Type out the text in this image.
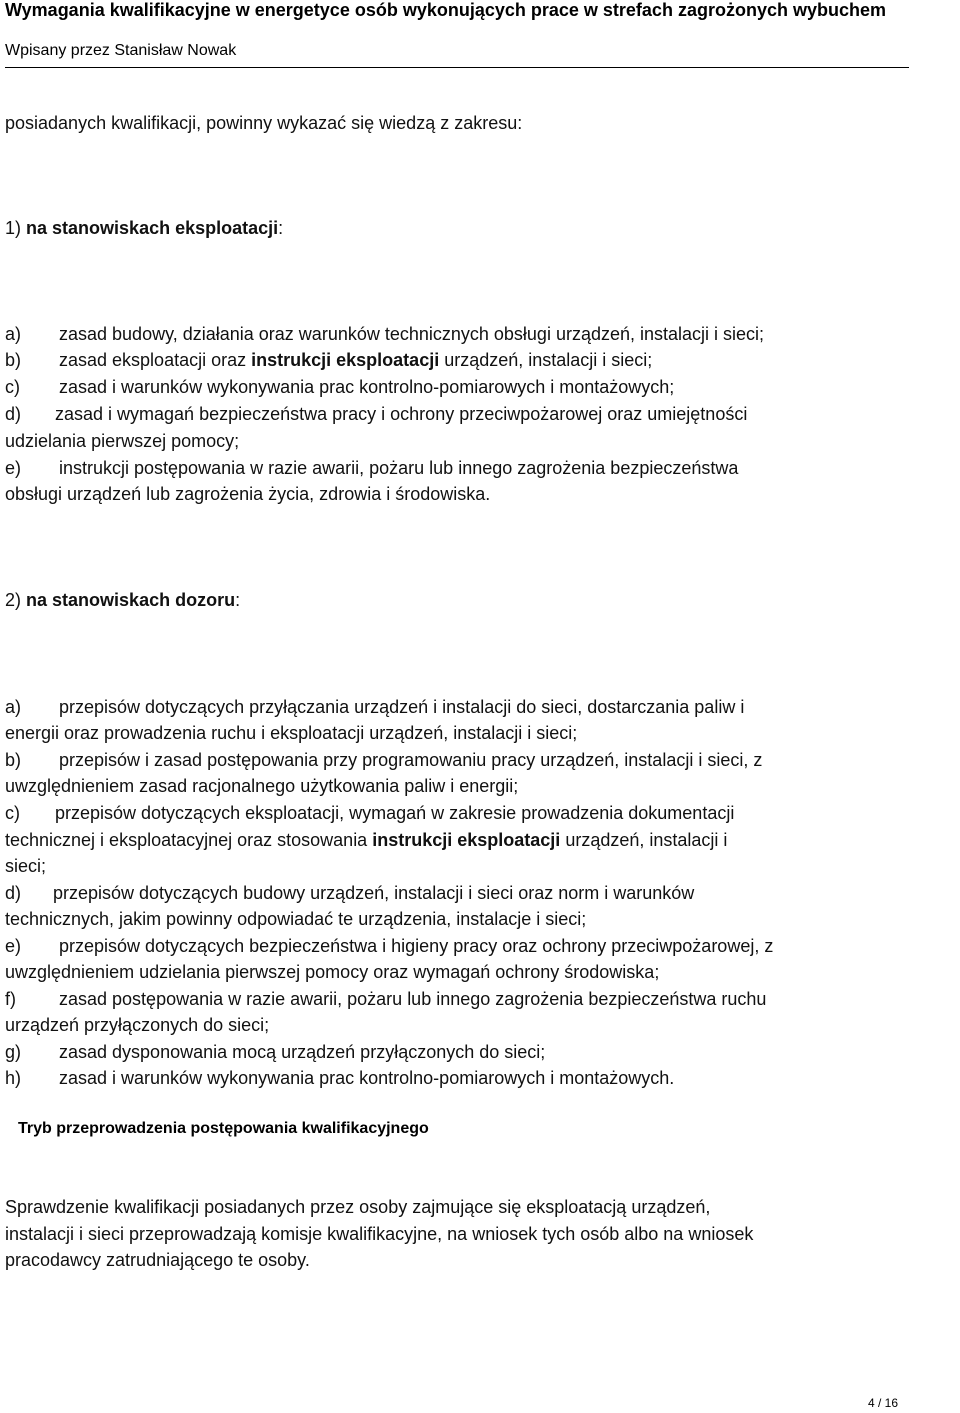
Wymagania kwalifikacyjne w energetyce osób wykonujących prace w strefach zagrożonych wybuchem
Wpisany przez Stanisław Nowak
posiadanych kwalifikacji, powinny wykazać się wiedzą z zakresu:
1) na stanowiskach eksploatacji:
a) zasad budowy, działania oraz warunków technicznych obsługi urządzeń, instalacji i sieci;
b) zasad eksploatacji oraz instrukcji eksploatacji urządzeń, instalacji i sieci;
c) zasad i warunków wykonywania prac kontrolno-pomiarowych i montażowych;
d) zasad i wymagań bezpieczeństwa pracy i ochrony przeciwpożarowej oraz umiejętności
udzielania pierwszej pomocy;
e) instrukcji postępowania w razie awarii, pożaru lub innego zagrożenia bezpieczeństwa
obsługi urządzeń lub zagrożenia życia, zdrowia i środowiska.
2) na stanowiskach dozoru:
a) przepisów dotyczących przyłączania urządzeń i instalacji do sieci, dostarczania paliw i
energii oraz prowadzenia ruchu i eksploatacji urządzeń, instalacji i sieci;
b) przepisów i zasad postępowania przy programowaniu pracy urządzeń, instalacji i sieci, z
uwzględnieniem zasad racjonalnego użytkowania paliw i energii;
c) przepisów dotyczących eksploatacji, wymagań w zakresie prowadzenia dokumentacji
technicznej i eksploatacyjnej oraz stosowania instrukcji eksploatacji urządzeń, instalacji i
sieci;
d) przepisów dotyczących budowy urządzeń, instalacji i sieci oraz norm i warunków
technicznych, jakim powinny odpowiadać te urządzenia, instalacje i sieci;
e) przepisów dotyczących bezpieczeństwa i higieny pracy oraz ochrony przeciwpożarowej, z
uwzględnieniem udzielania pierwszej pomocy oraz wymagań ochrony środowiska;
f) zasad postępowania w razie awarii, pożaru lub innego zagrożenia bezpieczeństwa ruchu
urządzeń przyłączonych do sieci;
g) zasad dysponowania mocą urządzeń przyłączonych do sieci;
h) zasad i warunków wykonywania prac kontrolno-pomiarowych i montażowych.
Sprawdzenie kwalifikacji posiadanych przez osoby zajmujące się eksploatacją urządzeń,
instalacji i sieci przeprowadzają komisje kwalifikacyjne, na wniosek tych osób albo na wniosek
pracodawcy zatrudniającego te osoby.
Tryb przeprowadzenia postępowania kwalifikacyjnego
4 / 16
